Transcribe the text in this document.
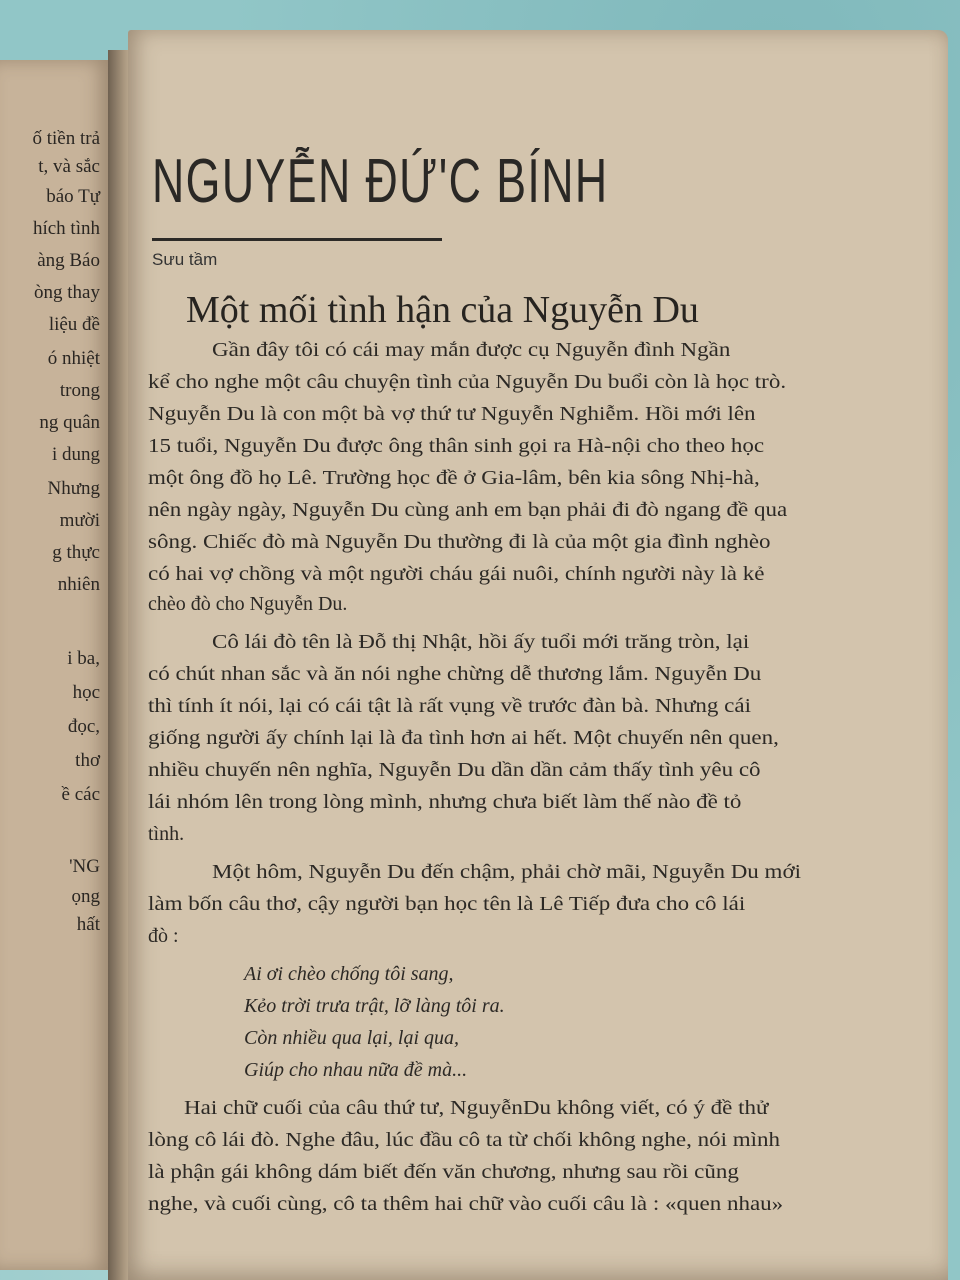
ố tiền trả

t, và sắc

báo Tự

hích tình

àng Báo

òng thay

liệu đề

ó nhiệt

trong

ng quân

i dung

Nhưng

mười

g thực

nhiên

i ba,

học

đọc,

thơ

ề các

'NG

ọng

hất

NGUYỄN ĐỨ'C BÍNH

Sưu tầm

Một mối tình hận của Nguyễn Du

Gần đây tôi có cái may mắn được cụ Nguyễn đình Ngần

kể cho nghe một câu chuyện tình của Nguyễn Du buổi còn là học trò.

Nguyễn Du là con một bà vợ thứ tư Nguyễn Nghiễm. Hồi mới lên

15 tuổi, Nguyễn Du được ông thân sinh gọi ra Hà-nội cho theo học

một ông đồ họ Lê. Trường học đề ở Gia-lâm, bên kia sông Nhị-hà,

nên ngày ngày, Nguyễn Du cùng anh em bạn phải đi đò ngang đề qua

sông. Chiếc đò mà Nguyễn Du thường đi là của một gia đình nghèo

có hai vợ chồng và một người cháu gái nuôi, chính người này là kẻ

chèo đò cho Nguyễn Du.

Cô lái đò tên là Đỗ thị Nhật, hồi ấy tuổi mới trăng tròn, lại

có chút nhan sắc và ăn nói nghe chừng dễ thương lắm. Nguyễn Du

thì tính ít nói, lại có cái tật là rất vụng về trước đàn bà. Nhưng cái

giống người ấy chính lại là đa tình hơn ai hết. Một chuyến nên quen,

nhiều chuyến nên nghĩa, Nguyễn Du dần dần cảm thấy tình yêu cô

lái nhóm lên trong lòng mình, nhưng chưa biết làm thế nào đề tỏ

tình.

Một hôm, Nguyễn Du đến chậm, phải chờ mãi, Nguyễn Du mới

làm bốn câu thơ, cậy người bạn học tên là Lê Tiếp đưa cho cô lái

đò :

Ai ơi chèo chống tôi sang,

Kẻo trời trưa trật, lỡ làng tôi ra.

Còn nhiều qua lại, lại qua,

Giúp cho nhau nữa đề mà...

Hai chữ cuối của câu thứ tư, NguyễnDu không viết, có ý đề thử

lòng cô lái đò. Nghe đâu, lúc đầu cô ta từ chối không nghe, nói mình

là phận gái không dám biết đến văn chương, nhưng sau rồi cũng

nghe, và cuối cùng, cô ta thêm hai chữ vào cuối câu là : «quen nhau»
